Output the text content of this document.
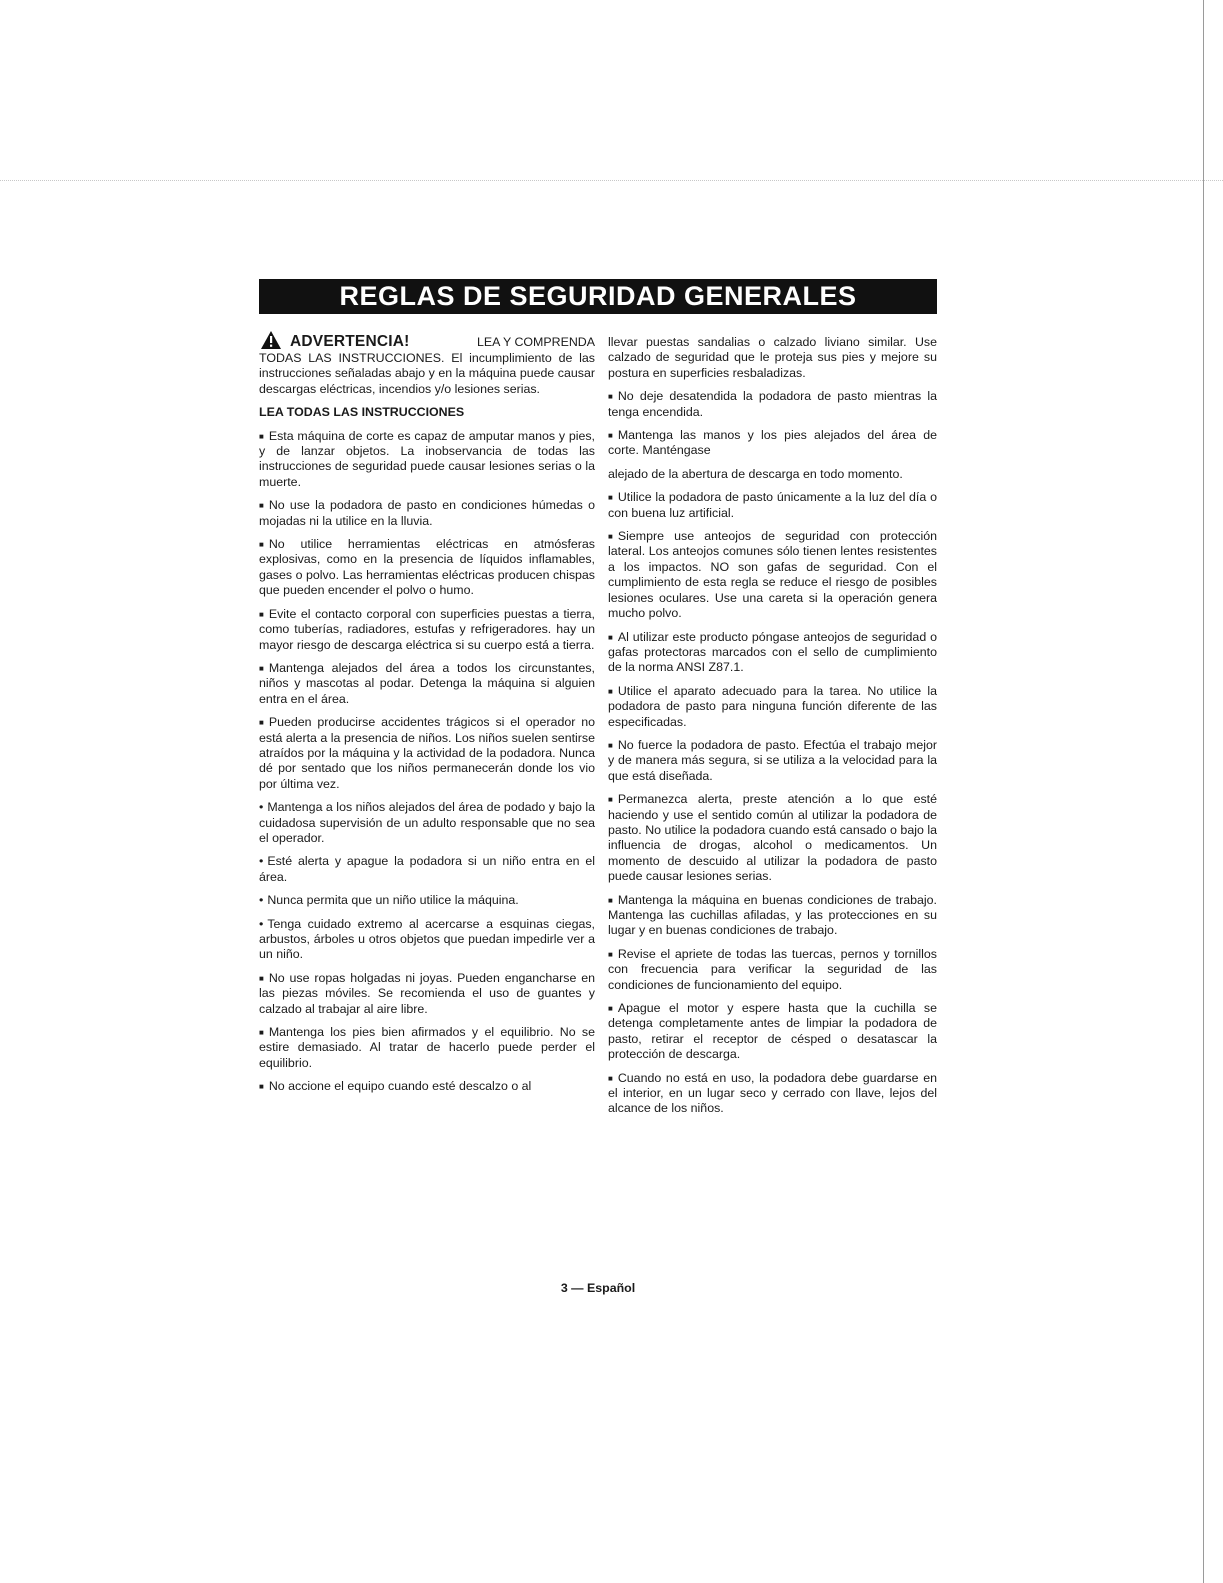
REGLAS DE SEGURIDAD GENERALES
ADVERTENCIA!	LEA Y COMPRENDA

TODAS LAS INSTRUCCIONES. El incumplimiento de las instrucciones señaladas abajo y en la máquina puede causar descargas eléctricas, incendios y/o lesiones serias.

LEA TODAS LAS INSTRUCCIONES

■ Esta máquina de corte es capaz de amputar manos y pies, y de lanzar objetos. La inobservancia de todas las instrucciones de seguridad puede causar lesiones serias o la muerte.

■ No use la podadora de pasto en condiciones húmedas o mojadas ni la utilice en la lluvia.

■ No utilice herramientas eléctricas en atmósferas explosivas, como en la presencia de líquidos inflamables, gases o polvo. Las herramientas eléctricas producen chispas que pueden encender el polvo o humo.

■ Evite el contacto corporal con superficies puestas a tierra, como tuberías, radiadores, estufas y refrigeradores. hay un mayor riesgo de descarga eléctrica si su cuerpo está a tierra.

■ Mantenga alejados del área a todos los circunstantes, niños y mascotas al podar. Detenga la máquina si alguien entra en el área.

■ Pueden producirse accidentes trágicos si el operador no está alerta a la presencia de niños. Los niños suelen sentirse atraídos por la máquina y la actividad de la podadora. Nunca dé por sentado que los niños permanecerán donde los vio por última vez.

• Mantenga a los niños alejados del área de podado y bajo la cuidadosa supervisión de un adulto responsable que no sea el operador.

• Esté alerta y apague la podadora si un niño entra en el área.

• Nunca permita que un niño utilice la máquina.

• Tenga cuidado extremo al acercarse a esquinas ciegas, arbustos, árboles u otros objetos que puedan impedirle ver a un niño.

■ No use ropas holgadas ni joyas. Pueden engancharse en las piezas móviles. Se recomienda el uso de guantes y calzado al trabajar al aire libre.

■ Mantenga los pies bien afirmados y el equilibrio. No se estire demasiado. Al tratar de hacerlo puede perder el equilibrio.

■ No accione el equipo cuando esté descalzo o al

llevar puestas sandalias o calzado liviano similar. Use calzado de seguridad que le proteja sus pies y mejore su postura en superficies resbaladizas.

■ No deje desatendida la podadora de pasto mientras la tenga encendida.

■ Mantenga las manos y los pies alejados del área de corte. Manténgase

alejado de la abertura de descarga en todo momento.

■ Utilice la podadora de pasto únicamente a la luz del día o con buena luz artificial.

■ Siempre use anteojos de seguridad con protección lateral. Los anteojos comunes sólo tienen lentes resistentes a los impactos. NO son gafas de seguridad. Con el cumplimiento de esta regla se reduce el riesgo de posibles lesiones oculares. Use una careta si la operación genera mucho polvo.

■ Al utilizar este producto póngase anteojos de seguridad o gafas protectoras marcados con el sello de cumplimiento de la norma ANSI Z87.1.

■ Utilice el aparato adecuado para la tarea. No utilice la podadora de pasto para ninguna función diferente de las especificadas.

■ No fuerce la podadora de pasto. Efectúa el trabajo mejor y de manera más segura, si se utiliza a la velocidad para la que está diseñada.

■ Permanezca alerta, preste atención a lo que esté haciendo y use el sentido común al utilizar la podadora de pasto. No utilice la podadora cuando está cansado o bajo la influencia de drogas, alcohol o medicamentos. Un momento de descuido al utilizar la podadora de pasto puede causar lesiones serias.

■ Mantenga la máquina en buenas condiciones de trabajo. Mantenga las cuchillas afiladas, y las protecciones en su lugar y en buenas condiciones de trabajo.

■ Revise el apriete de todas las tuercas, pernos y tornillos con frecuencia para verificar la seguridad de las condiciones de funcionamiento del equipo.

■ Apague el motor y espere hasta que la cuchilla se detenga completamente antes de limpiar la podadora de pasto, retirar el receptor de césped o desatascar la protección de descarga.

■ Cuando no está en uso, la podadora debe guardarse en el interior, en un lugar seco y cerrado con llave, lejos del alcance de los niños.

3 — Español
